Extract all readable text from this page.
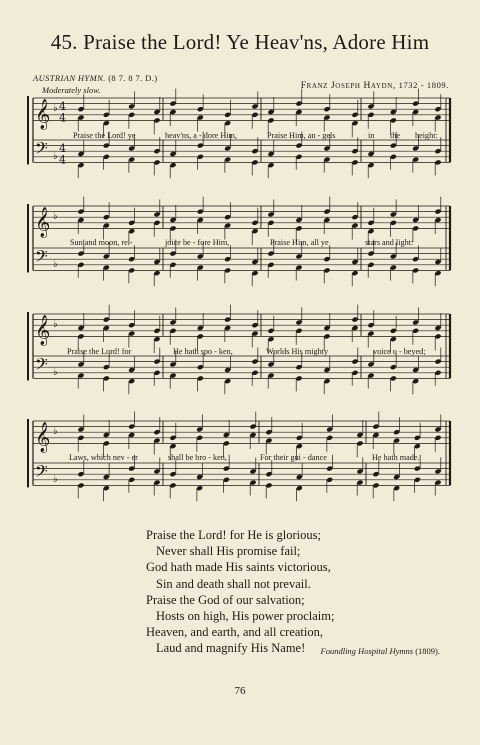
45. Praise the Lord! Ye Heav'ns, Adore Him
AUSTRIAN HYMN. (8 7. 8 7. D.)
Moderately slow.	Franz Joseph Haydn, 1732 - 1809.
𝄞
𝄢
♭
♭
𝄞
𝄢
♭
♭
𝄞
𝄢
♭
♭
𝄞
𝄢
♭
♭
4
4
4
4
Praise the Lord! ye	heav'ns, a - dore Him,	Praise Him, an - gels	in the height:
Sun and moon, re -	joice be - fore Him,	Praise Him, all ye	stars and light:
Praise the Lord! for	He hath spo - ken,	Worlds His mighty	voice o - beyed;
Laws, which nev - er	shall be bro - ken,	For their gui - dance	He hath made.
Praise the Lord! for He is glorious;
Never shall His promise fail;
God hath made His saints victorious,
Sin and death shall not prevail.
Praise the God of our salvation;
Hosts on high, His power proclaim;
Heaven, and earth, and all creation,
Laud and magnify His Name!	Foundling Hospital Hymns (1809).
76
